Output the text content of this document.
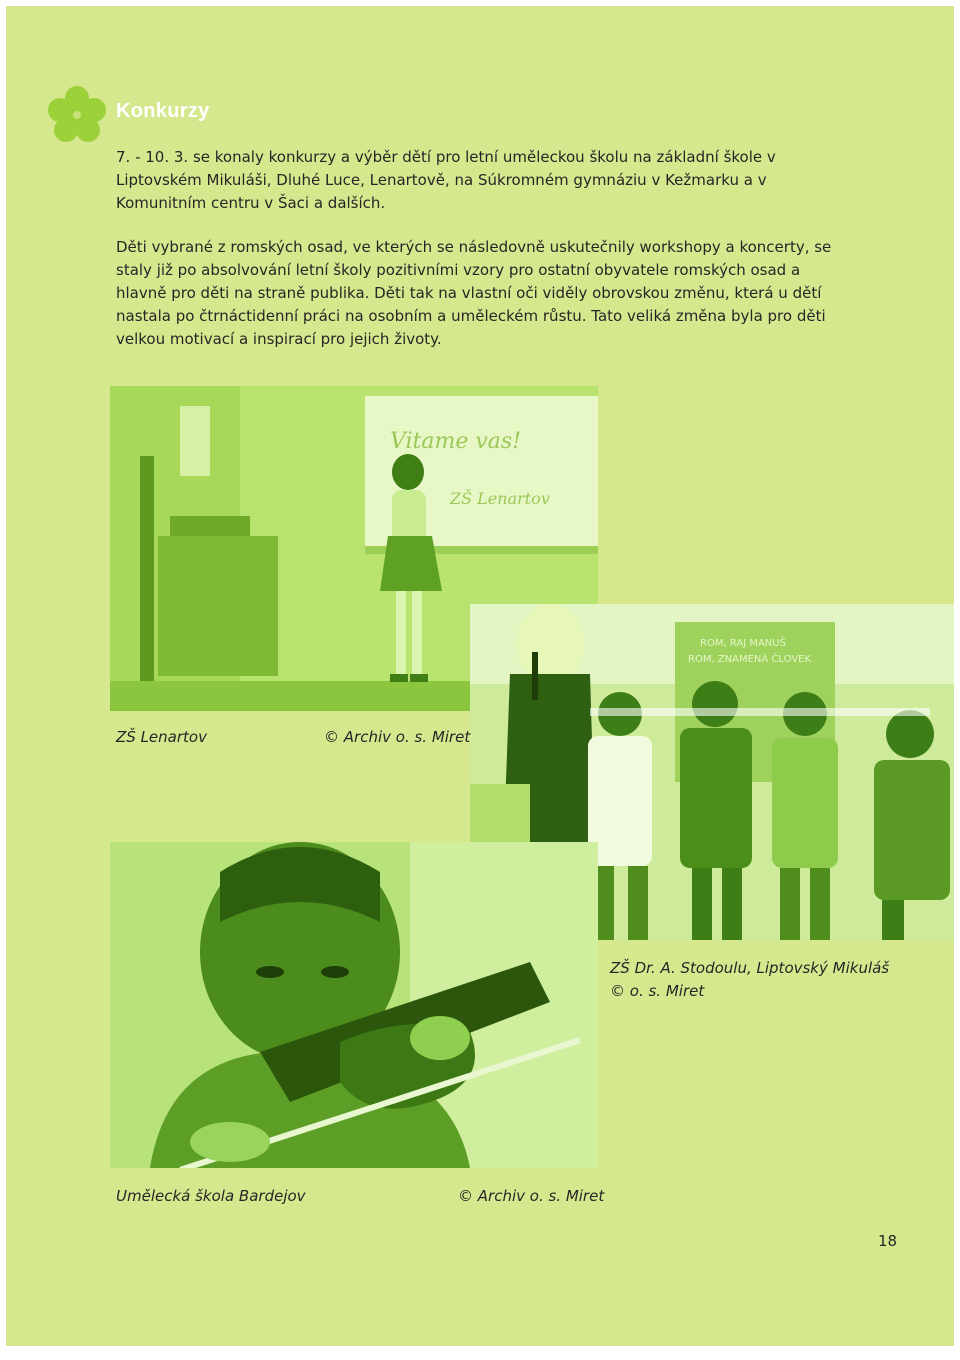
Konkurzy

7. - 10. 3. se konaly konkurzy a výběr dětí pro letní uměleckou školu na základní škole v Liptovském Mikuláši, Dluhé Luce, Lenartově, na Súkromném gymnáziu v Kežmarku a v Komunitním centru v Šaci a dalších.

Děti vybrané z romských osad, ve kterých se následovně uskutečnily workshopy a koncerty, se staly již po absolvování letní školy pozitivními vzory pro ostatní obyvatele romských osad a hlavně pro děti na straně publika. Děti tak na vlastní oči viděly obrovskou změnu, která u dětí nastala po čtrnáctidenní práci na osobním a uměleckém růstu. Tato veliká změna byla pro děti velkou motivací a inspirací pro jejich životy.

Vitame vas!
ZŠ Lenartov
ROM, RAJ MANUŠ
ROM, ZNAMENÁ ČLOVEK
ZŠ Lenartov	© Archiv o. s. Miret
ZŠ Dr. A. Stodoulu, Liptovský Mikuláš
© o. s. Miret
Umělecká škola Bardejov	© Archiv o. s. Miret
18
